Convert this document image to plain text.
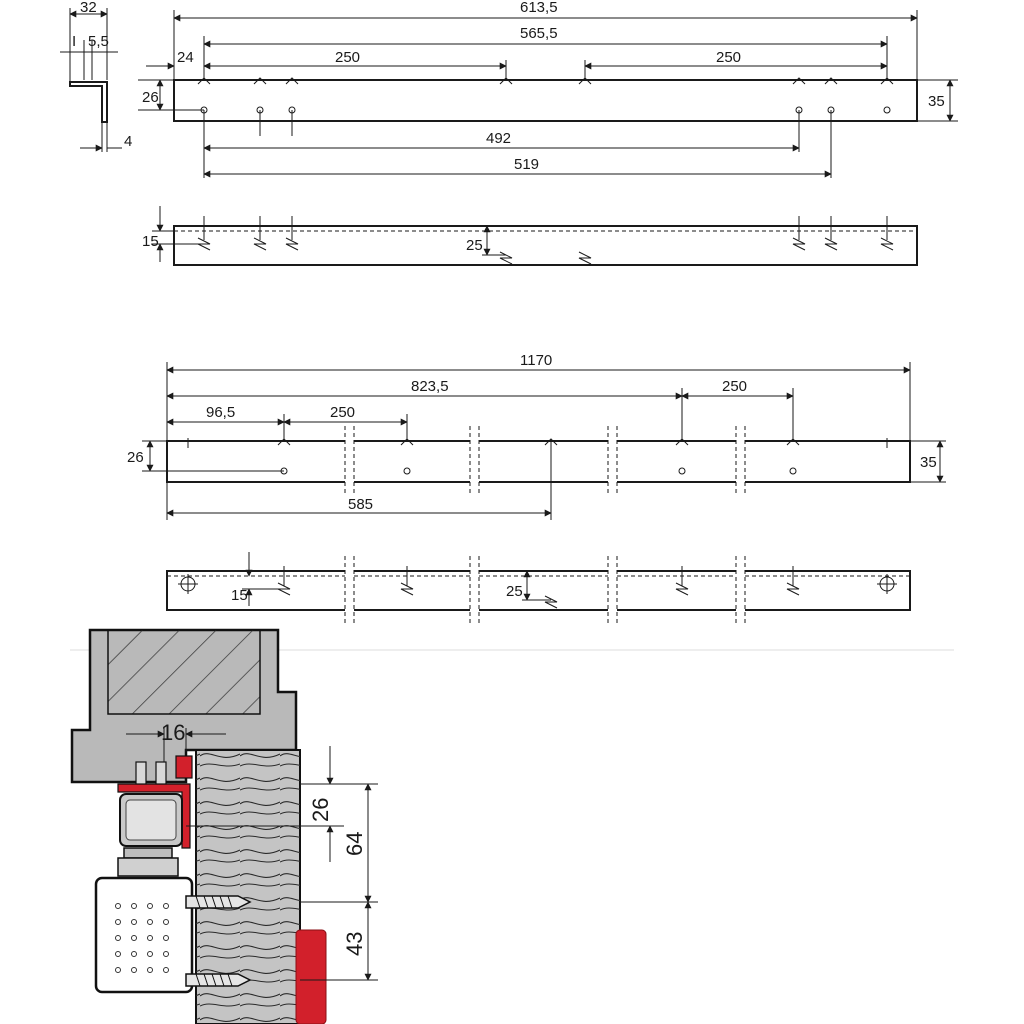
32
I 5,5
4
613,5
565,5
24	250	250
26	35
492
519
15	25
1170
823,5	250
96,5	250
26	35
585
15	25
16
26
64
43
